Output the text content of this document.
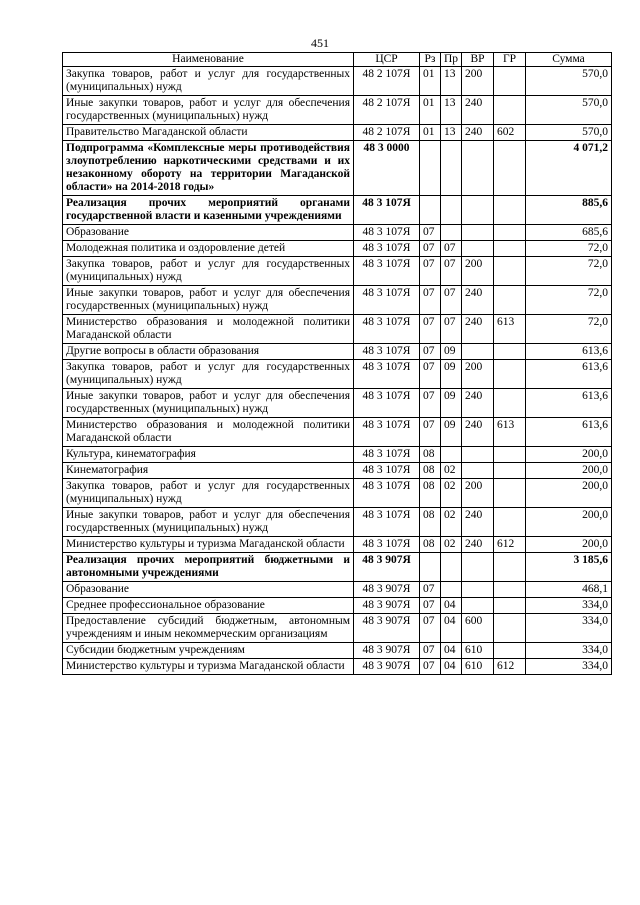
451
Наименование	ЦСР	Рз	Пр	ВР	ГР	Сумма
Закупка товаров, работ и услуг для государственных (муниципальных) нужд	48 2 107Я	01	13	200		570,0
Иные закупки товаров, работ и услуг для обеспечения государственных (муниципальных) нужд	48 2 107Я	01	13	240		570,0
Правительство Магаданской области	48 2 107Я	01	13	240	602	570,0
Подпрограмма «Комплексные меры противодействия злоупотреблению наркотическими средствами и их незаконному обороту на территории Магаданской области» на 2014-2018 годы»	48 3 0000					4 071,2
Реализация прочих мероприятий органами государственной власти и казенными учреждениями	48 3 107Я					885,6
Образование	48 3 107Я	07				685,6
Молодежная политика и оздоровление детей	48 3 107Я	07	07			72,0
Закупка товаров, работ и услуг для государственных (муниципальных) нужд	48 3 107Я	07	07	200		72,0
Иные закупки товаров, работ и услуг для обеспечения государственных (муниципальных) нужд	48 3 107Я	07	07	240		72,0
Министерство образования и молодежной политики Магаданской области	48 3 107Я	07	07	240	613	72,0
Другие вопросы в области образования	48 3 107Я	07	09			613,6
Закупка товаров, работ и услуг для государственных (муниципальных) нужд	48 3 107Я	07	09	200		613,6
Иные закупки товаров, работ и услуг для обеспечения государственных (муниципальных) нужд	48 3 107Я	07	09	240		613,6
Министерство образования и молодежной политики Магаданской области	48 3 107Я	07	09	240	613	613,6
Культура, кинематография	48 3 107Я	08				200,0
Кинематография	48 3 107Я	08	02			200,0
Закупка товаров, работ и услуг для государственных (муниципальных) нужд	48 3 107Я	08	02	200		200,0
Иные закупки товаров, работ и услуг для обеспечения государственных (муниципальных) нужд	48 3 107Я	08	02	240		200,0
Министерство культуры и туризма Магаданской области	48 3 107Я	08	02	240	612	200,0
Реализация прочих мероприятий бюджетными и автономными учреждениями	48 3 907Я					3 185,6
Образование	48 3 907Я	07				468,1
Среднее профессиональное образование	48 3 907Я	07	04			334,0
Предоставление субсидий бюджетным, автономным учреждениям и иным некоммерческим организациям	48 3 907Я	07	04	600		334,0
Субсидии бюджетным учреждениям	48 3 907Я	07	04	610		334,0
Министерство культуры и туризма Магаданской области	48 3 907Я	07	04	610	612	334,0
